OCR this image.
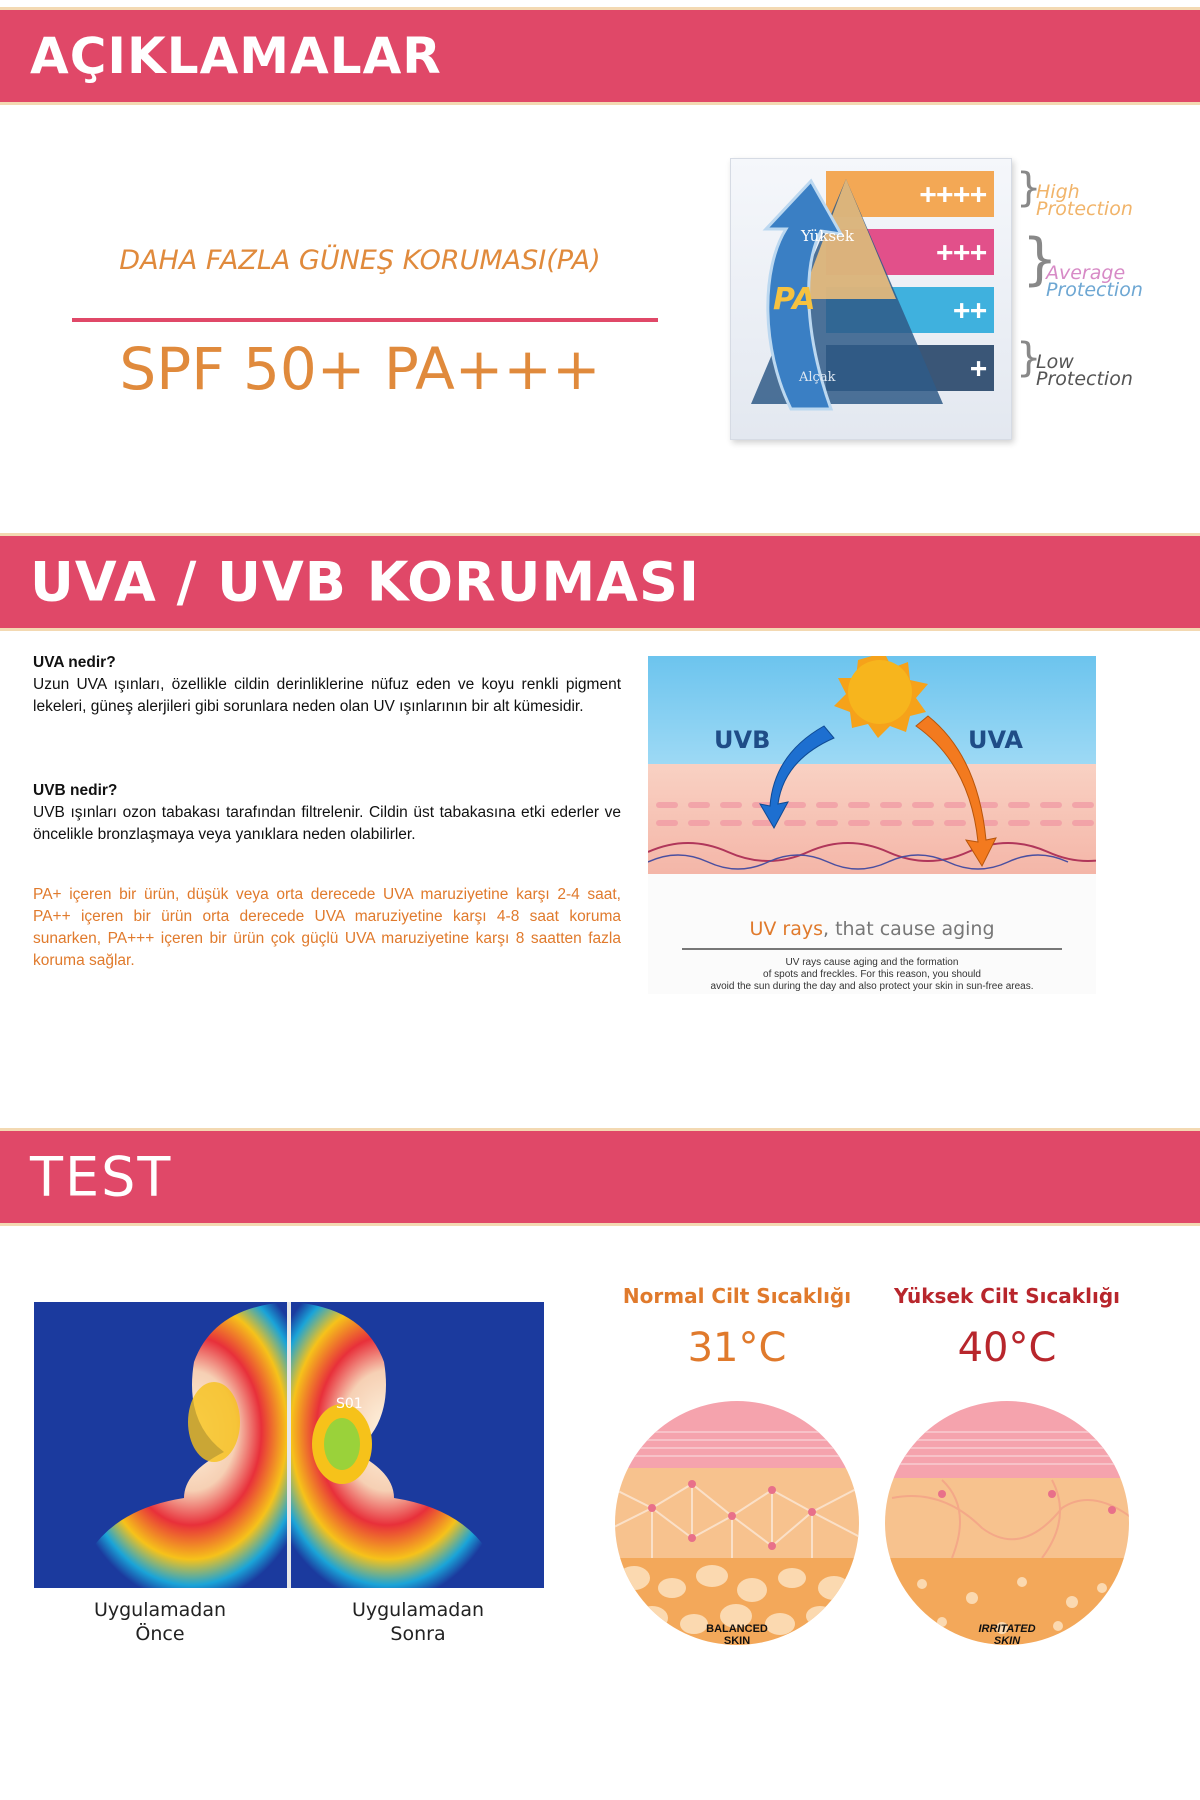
AÇIKLAMALAR
DAHA FAZLA GÜNEŞ KORUMASI(PA)
SPF 50+ PA+++
Yüksek
PA
Alçak
++++
+++
++
+
}
High
Protection
}
Average
Protection
}
Low
Protection
UVA / UVB KORUMASI
UVA nedir?
Uzun UVA ışınları, özellikle cildin derinliklerine nüfuz eden ve koyu renkli pigment lekeleri, güneş alerjileri gibi sorunlara neden olan UV ışınlarının bir alt kümesidir.
UVB nedir?
UVB ışınları ozon tabakası tarafından filtrelenir. Cildin üst tabakasına etki ederler ve öncelikle bronzlaşmaya veya yanıklara neden olabilirler.
PA+ içeren bir ürün, düşük veya orta derecede UVA maruziyetine karşı 2-4 saat, PA++ içeren bir ürün orta derecede UVA maruziyetine karşı 4-8 saat koruma sunarken, PA+++ içeren bir ürün çok güçlü UVA maruziyetine karşı 8 saatten fazla koruma sağlar.
UVB	UVA
UV rays, that cause aging
UV rays cause aging and the formation
of spots and freckles. For this reason, you should
avoid the sun during the day and also protect your skin in sun-free areas.
TEST
S01
Uygulamadan
Önce
Uygulamadan
Sonra
Normal Cilt Sıcaklığı
31°C
Yüksek Cilt Sıcaklığı
40°C
BALANCED
SKIN
IRRITATED
SKIN
